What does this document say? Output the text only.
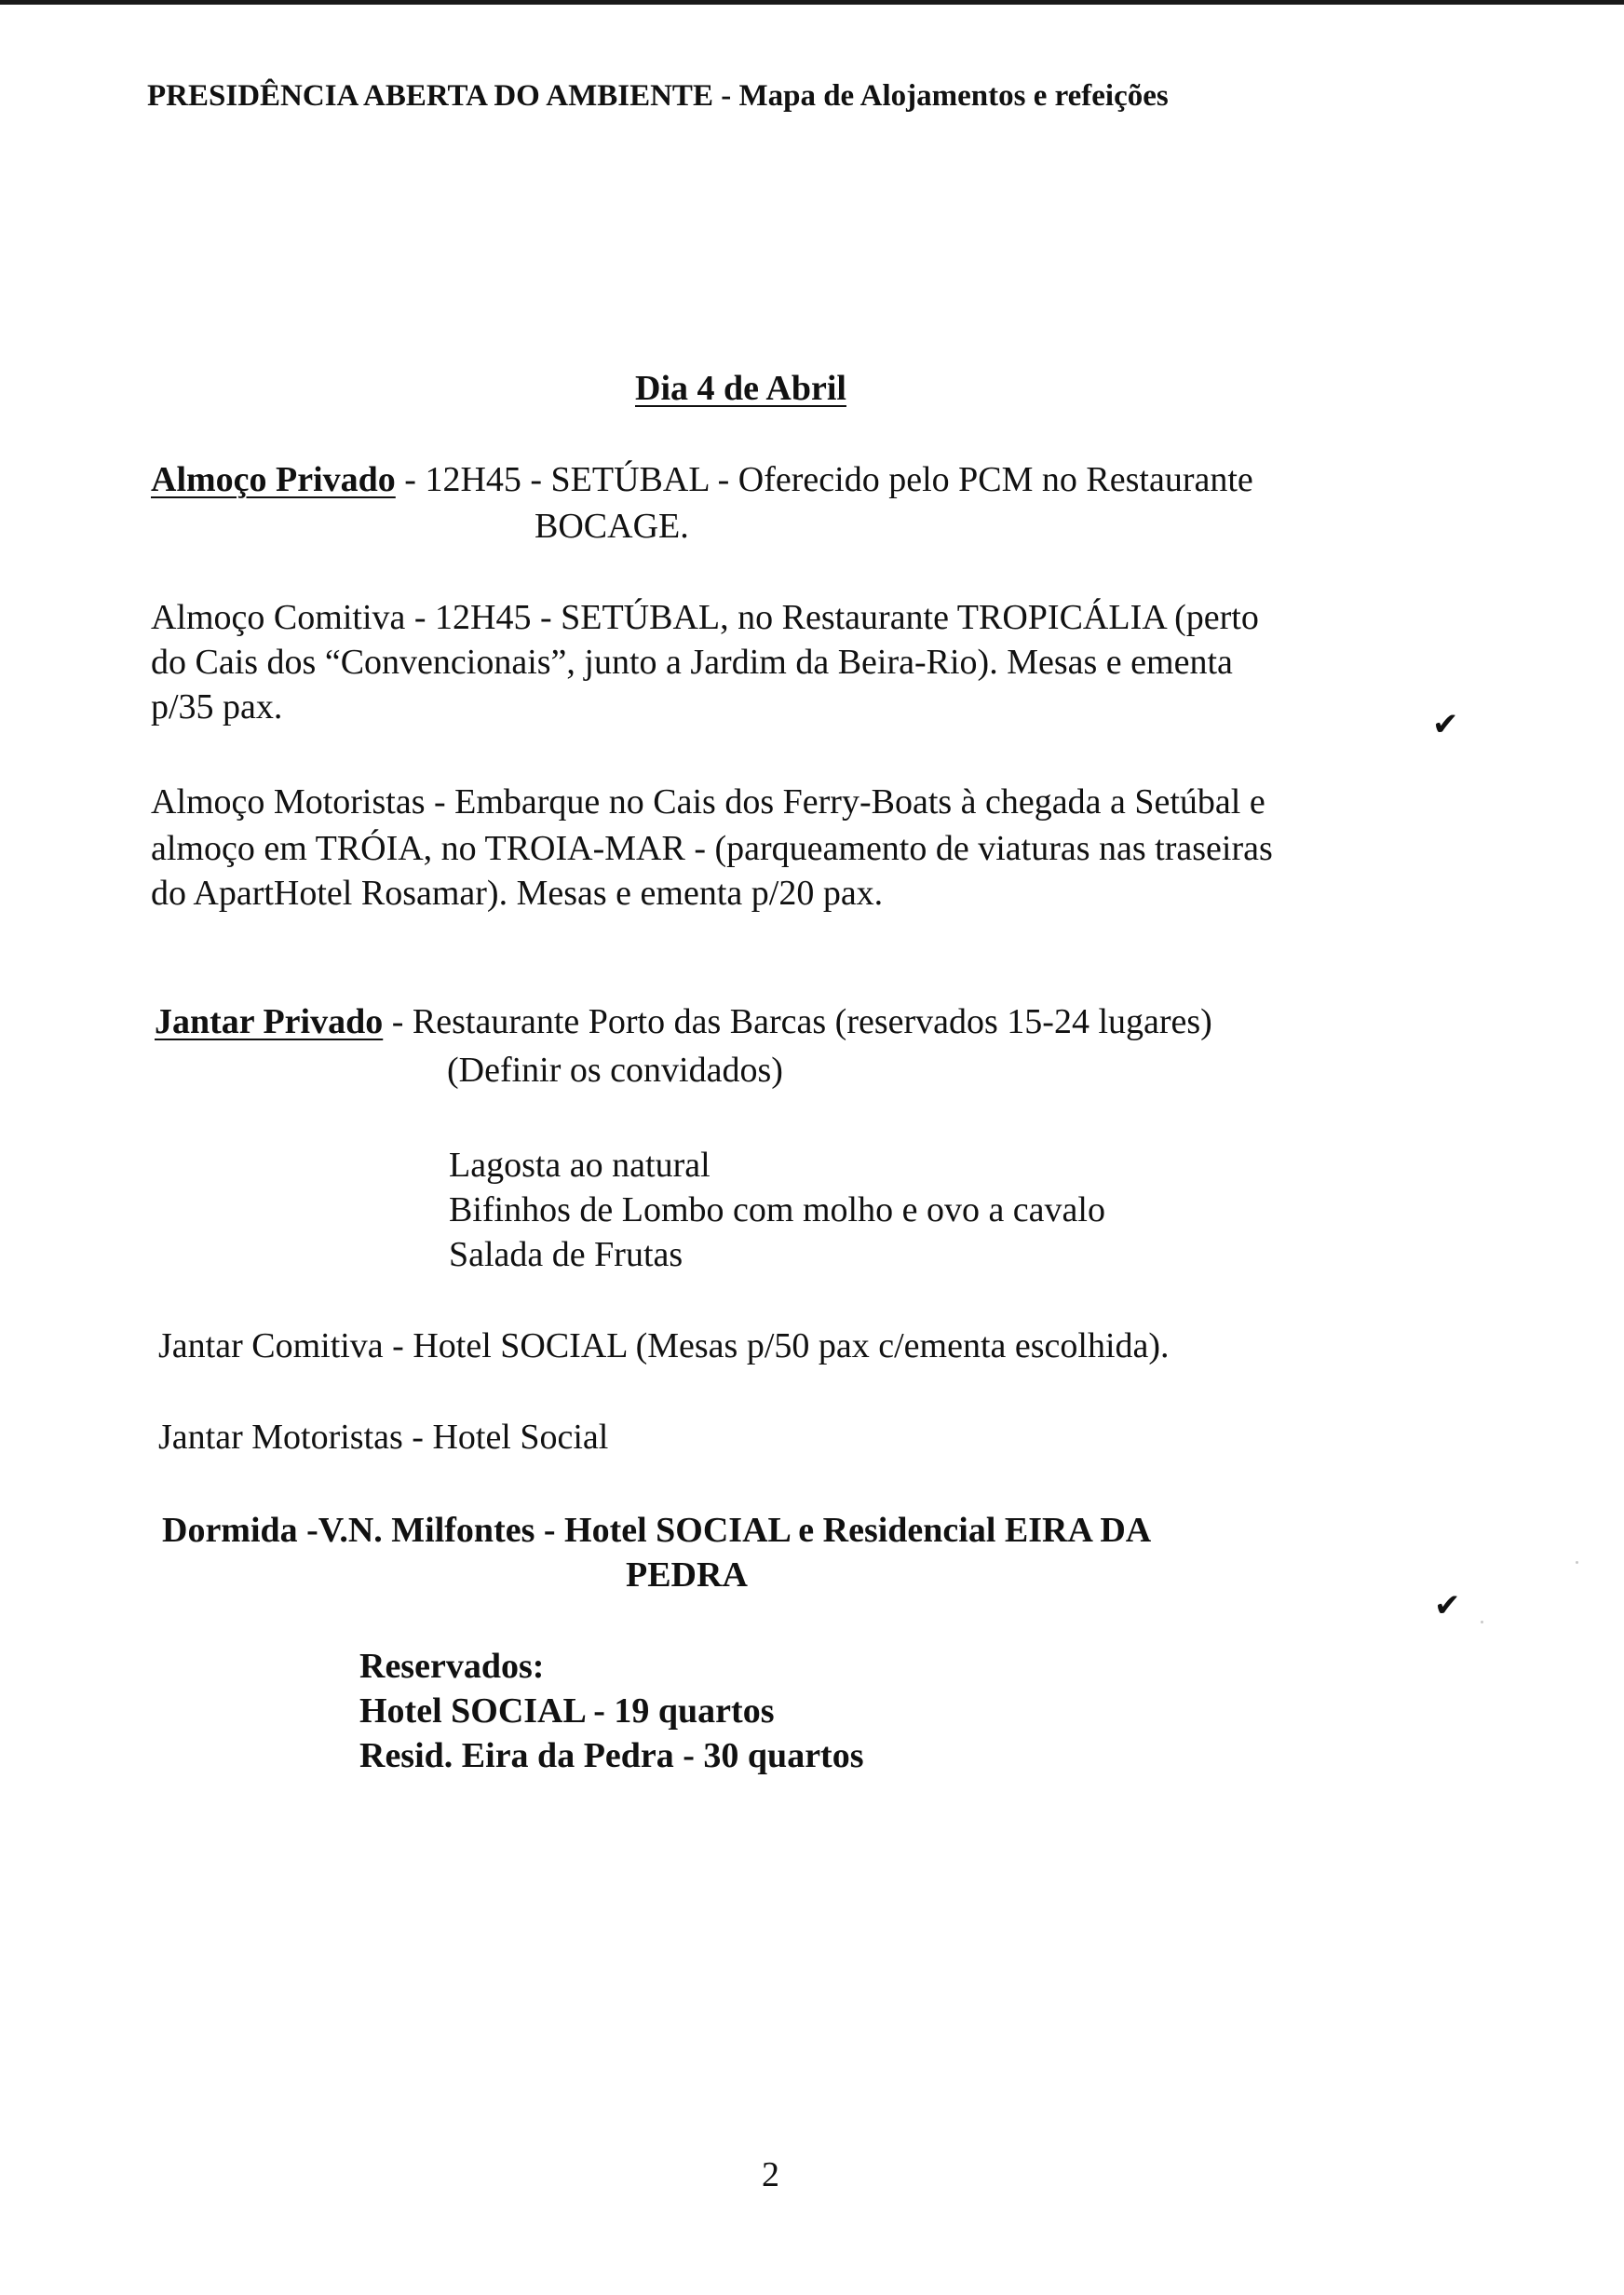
PRESIDÊNCIA ABERTA DO AMBIENTE - Mapa de Alojamentos e refeições
Dia 4 de Abril
Almoço Privado - 12H45 - SETÚBAL - Oferecido pelo PCM no Restaurante
BOCAGE.
Almoço Comitiva - 12H45 - SETÚBAL, no Restaurante TROPICÁLIA (perto
do Cais dos “Convencionais”, junto a Jardim da Beira-Rio). Mesas e ementa
p/35 pax.
Almoço Motoristas - Embarque no Cais dos Ferry-Boats à chegada a Setúbal e
almoço em TRÓIA, no TROIA-MAR - (parqueamento de viaturas nas traseiras
do ApartHotel Rosamar). Mesas e ementa p/20 pax.
Jantar Privado - Restaurante Porto das Barcas (reservados 15-24 lugares)
(Definir os convidados)
Lagosta ao natural
Bifinhos de Lombo com molho e ovo a cavalo
Salada de Frutas
Jantar Comitiva - Hotel SOCIAL (Mesas p/50 pax c/ementa escolhida).
Jantar Motoristas - Hotel Social
Dormida -V.N. Milfontes - Hotel SOCIAL e Residencial EIRA DA
PEDRA
Reservados:
Hotel SOCIAL - 19 quartos
Resid. Eira da Pedra - 30 quartos
✔
✔
2
